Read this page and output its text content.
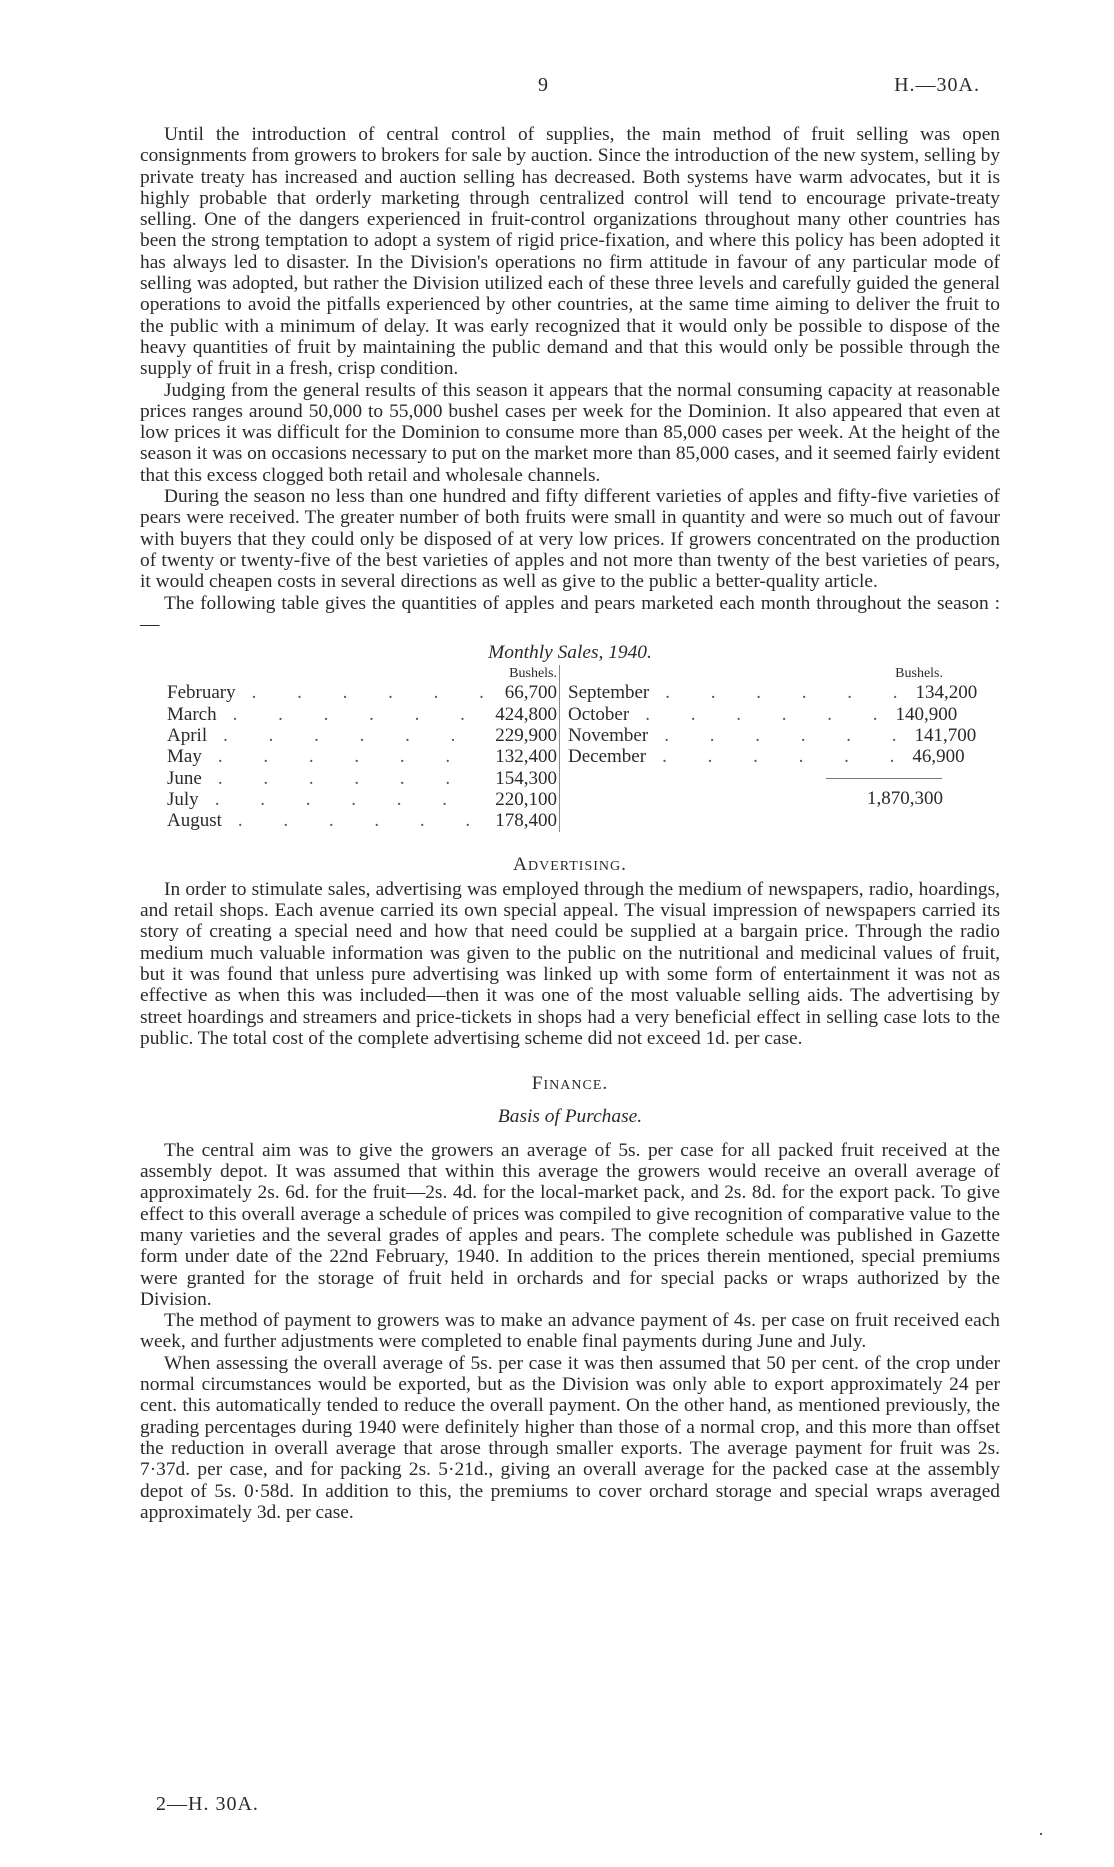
9	H.—30A.

Until the introduction of central control of supplies, the main method of fruit selling was open consignments from growers to brokers for sale by auction. Since the introduction of the new system, selling by private treaty has increased and auction selling has decreased. Both systems have warm advocates, but it is highly probable that orderly marketing through centralized control will tend to encourage private-treaty selling. One of the dangers experienced in fruit-control organizations throughout many other countries has been the strong temptation to adopt a system of rigid price-fixation, and where this policy has been adopted it has always led to disaster. In the Division's operations no firm attitude in favour of any particular mode of selling was adopted, but rather the Division utilized each of these three levels and carefully guided the general operations to avoid the pitfalls experienced by other countries, at the same time aiming to deliver the fruit to the public with a minimum of delay. It was early recognized that it would only be possible to dispose of the heavy quantities of fruit by maintaining the public demand and that this would only be possible through the supply of fruit in a fresh, crisp condition.

Judging from the general results of this season it appears that the normal consuming capacity at reasonable prices ranges around 50,000 to 55,000 bushel cases per week for the Dominion. It also appeared that even at low prices it was difficult for the Dominion to consume more than 85,000 cases per week. At the height of the season it was on occasions necessary to put on the market more than 85,000 cases, and it seemed fairly evident that this excess clogged both retail and wholesale channels.

During the season no less than one hundred and fifty different varieties of apples and fifty-five varieties of pears were received. The greater number of both fruits were small in quantity and were so much out of favour with buyers that they could only be disposed of at very low prices. If growers concentrated on the production of twenty or twenty-five of the best varieties of apples and not more than twenty of the best varieties of pears, it would cheapen costs in several directions as well as give to the public a better-quality article.

The following table gives the quantities of apples and pears marketed each month throughout the season :—

Monthly Sales, 1940.
Bushels.
February . . . . . . 66,700
March . . . . . . 424,800
April . . . . . .	229,900
May . . . . . .	132,400
June . . . . . .	154,300
July . . . . . .	220,100
August . . . . . . 178,400
Bushels.
September . . . . . . 134,200
October . . . . . . 140,900
November . . . . . . 141,700
December . . . . . . 46,900
1,870,300
Advertising.

In order to stimulate sales, advertising was employed through the medium of newspapers, radio, hoardings, and retail shops. Each avenue carried its own special appeal. The visual impression of newspapers carried its story of creating a special need and how that need could be supplied at a bargain price. Through the radio medium much valuable information was given to the public on the nutritional and medicinal values of fruit, but it was found that unless pure advertising was linked up with some form of entertainment it was not as effective as when this was included—then it was one of the most valuable selling aids. The advertising by street hoardings and streamers and price-tickets in shops had a very beneficial effect in selling case lots to the public. The total cost of the complete advertising scheme did not exceed 1d. per case.

Finance.
Basis of Purchase.

The central aim was to give the growers an average of 5s. per case for all packed fruit received at the assembly depot. It was assumed that within this average the growers would receive an overall average of approximately 2s. 6d. for the fruit—2s. 4d. for the local-market pack, and 2s. 8d. for the export pack. To give effect to this overall average a schedule of prices was compiled to give recognition of comparative value to the many varieties and the several grades of apples and pears. The complete schedule was published in Gazette form under date of the 22nd February, 1940. In addition to the prices therein mentioned, special premiums were granted for the storage of fruit held in orchards and for special packs or wraps authorized by the Division.

The method of payment to growers was to make an advance payment of 4s. per case on fruit received each week, and further adjustments were completed to enable final payments during June and July.

When assessing the overall average of 5s. per case it was then assumed that 50 per cent. of the crop under normal circumstances would be exported, but as the Division was only able to export approximately 24 per cent. this automatically tended to reduce the overall payment. On the other hand, as mentioned previously, the grading percentages during 1940 were definitely higher than those of a normal crop, and this more than offset the reduction in overall average that arose through smaller exports. The average payment for fruit was 2s. 7·37d. per case, and for packing 2s. 5·21d., giving an overall average for the packed case at the assembly depot of 5s. 0·58d. In addition to this, the premiums to cover orchard storage and special wraps averaged approximately 3d. per case.

2—H. 30A.
